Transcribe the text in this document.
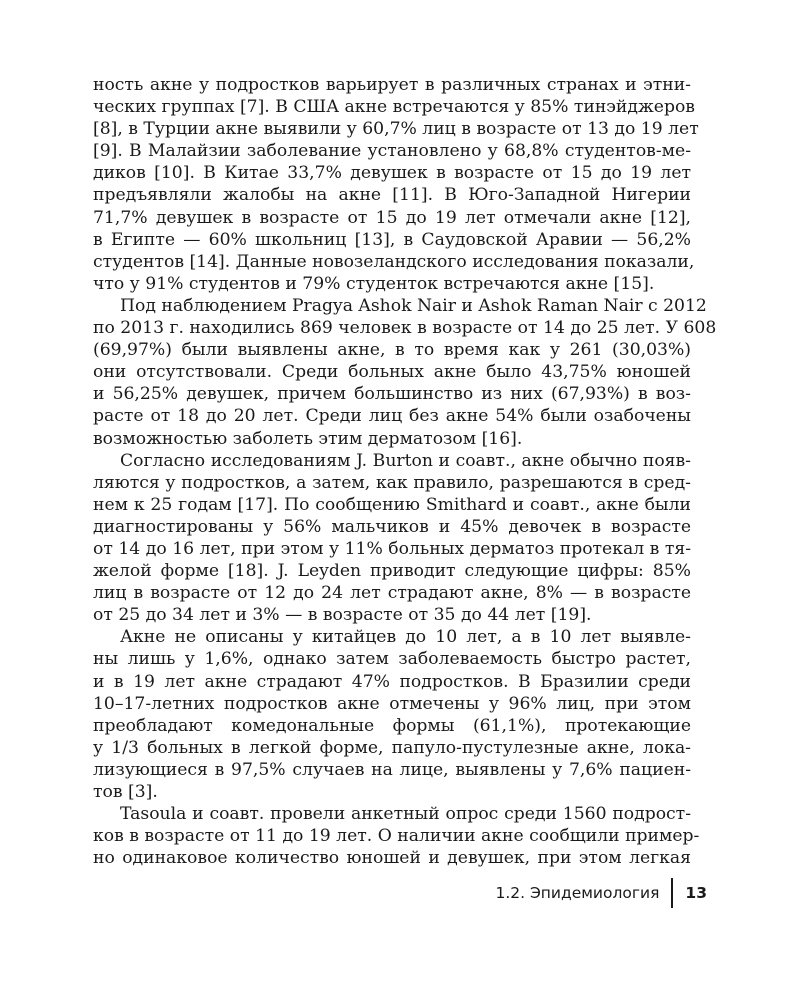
ность акне у подростков варьирует в различных странах и этни-
ческих группах [7]. В США акне встречаются у 85% тинэйджеров
[8], в Турции акне выявили у 60,7% лиц в возрасте от 13 до 19 лет
[9]. В Малайзии заболевание установлено у 68,8% студентов-ме-
диков [10]. В Китае 33,7% девушек в возрасте от 15 до 19 лет
предъявляли жалобы на акне [11]. В Юго-Западной Нигерии
71,7% девушек в возрасте от 15 до 19 лет отмечали акне [12],
в Египте — 60% школьниц [13], в Саудовской Аравии — 56,2%
студентов [14]. Данные новозеландского исследования показали,
что у 91% студентов и 79% студенток встречаются акне [15].
Под наблюдением Pragya Ashok Nair и Ashok Raman Nair с 2012
по 2013 г. находились 869 человек в возрасте от 14 до 25 лет. У 608
(69,97%) были выявлены акне, в то время как у 261 (30,03%)
они отсутствовали. Среди больных акне было 43,75% юношей
и 56,25% девушек, причем большинство из них (67,93%) в воз-
расте от 18 до 20 лет. Среди лиц без акне 54% были озабочены
возможностью заболеть этим дерматозом [16].
Согласно исследованиям J. Burton и соавт., акне обычно появ-
ляются у подростков, а затем, как правило, разрешаются в сред-
нем к 25 годам [17]. По сообщению Smithard и соавт., акне были
диагностированы у 56% мальчиков и 45% девочек в возрасте
от 14 до 16 лет, при этом у 11% больных дерматоз протекал в тя-
желой форме [18]. J. Leyden приводит следующие цифры: 85%
лиц в возрасте от 12 до 24 лет страдают акне, 8% — в возрасте
от 25 до 34 лет и 3% — в возрасте от 35 до 44 лет [19].
Акне не описаны у китайцев до 10 лет, а в 10 лет выявле-
ны лишь у 1,6%, однако затем заболеваемость быстро растет,
и в 19 лет акне страдают 47% подростков. В Бразилии среди
10–17-летних подростков акне отмечены у 96% лиц, при этом
преобладают комедональные формы (61,1%), протекающие
у 1/3 больных в легкой форме, папуло-пустулезные акне, лока-
лизующиеся в 97,5% случаев на лице, выявлены у 7,6% пациен-
тов [3].
Tasoula и соавт. провели анкетный опрос среди 1560 подрост-
ков в возрасте от 11 до 19 лет. О наличии акне сообщили пример-
но одинаковое количество юношей и девушек, при этом легкая
1.2. Эпидемиология 13
